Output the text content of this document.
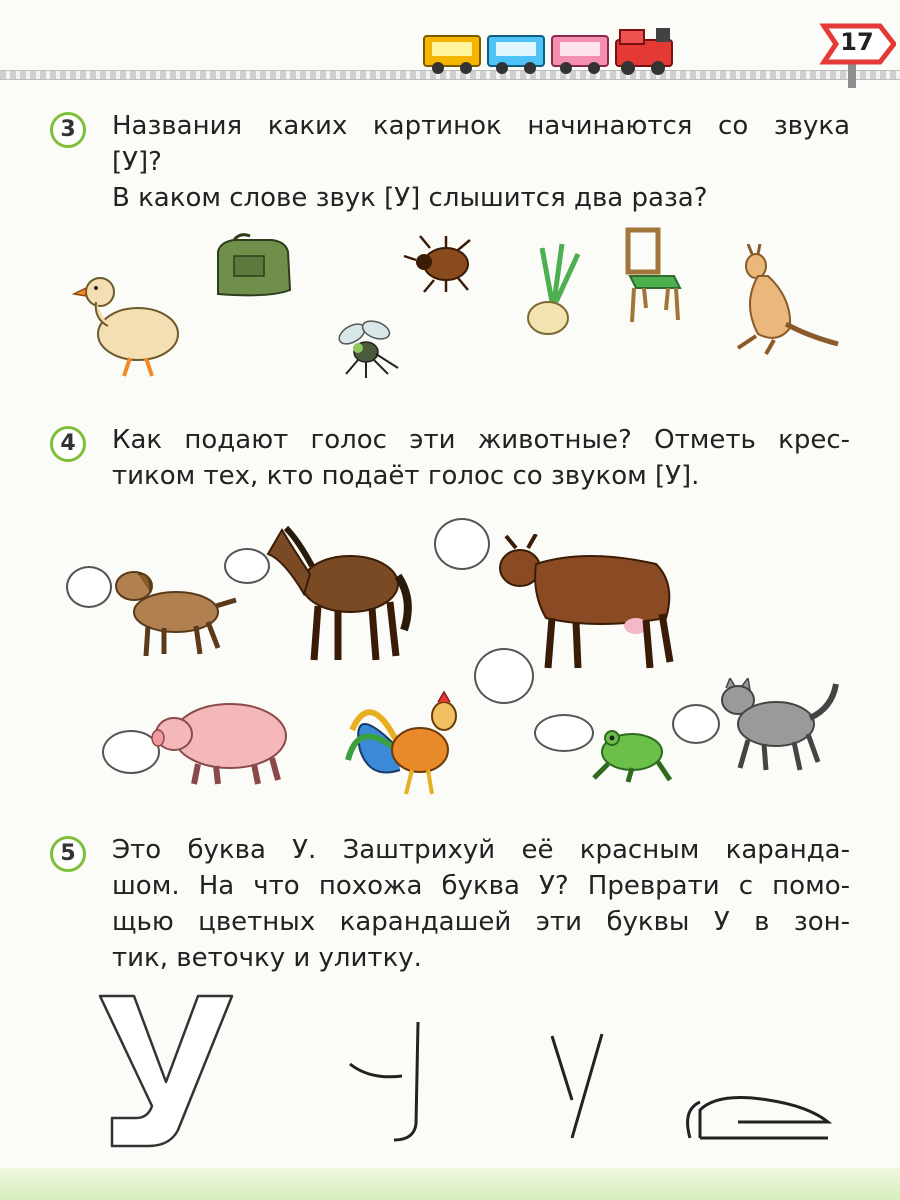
17
3	Названия каких картинок начинаются со звука
[У]?
В каком слове звук [У] слышится два раза?
4	Как подают голос эти животные? Отметь крес-
тиком тех, кто подаёт голос со звуком [У].
5	Это буква У. Заштрихуй её красным каранда-
шом. На что похожа буква У? Преврати с помо-
щью цветных карандашей эти буквы У в зон-
тик, веточку и улитку.
